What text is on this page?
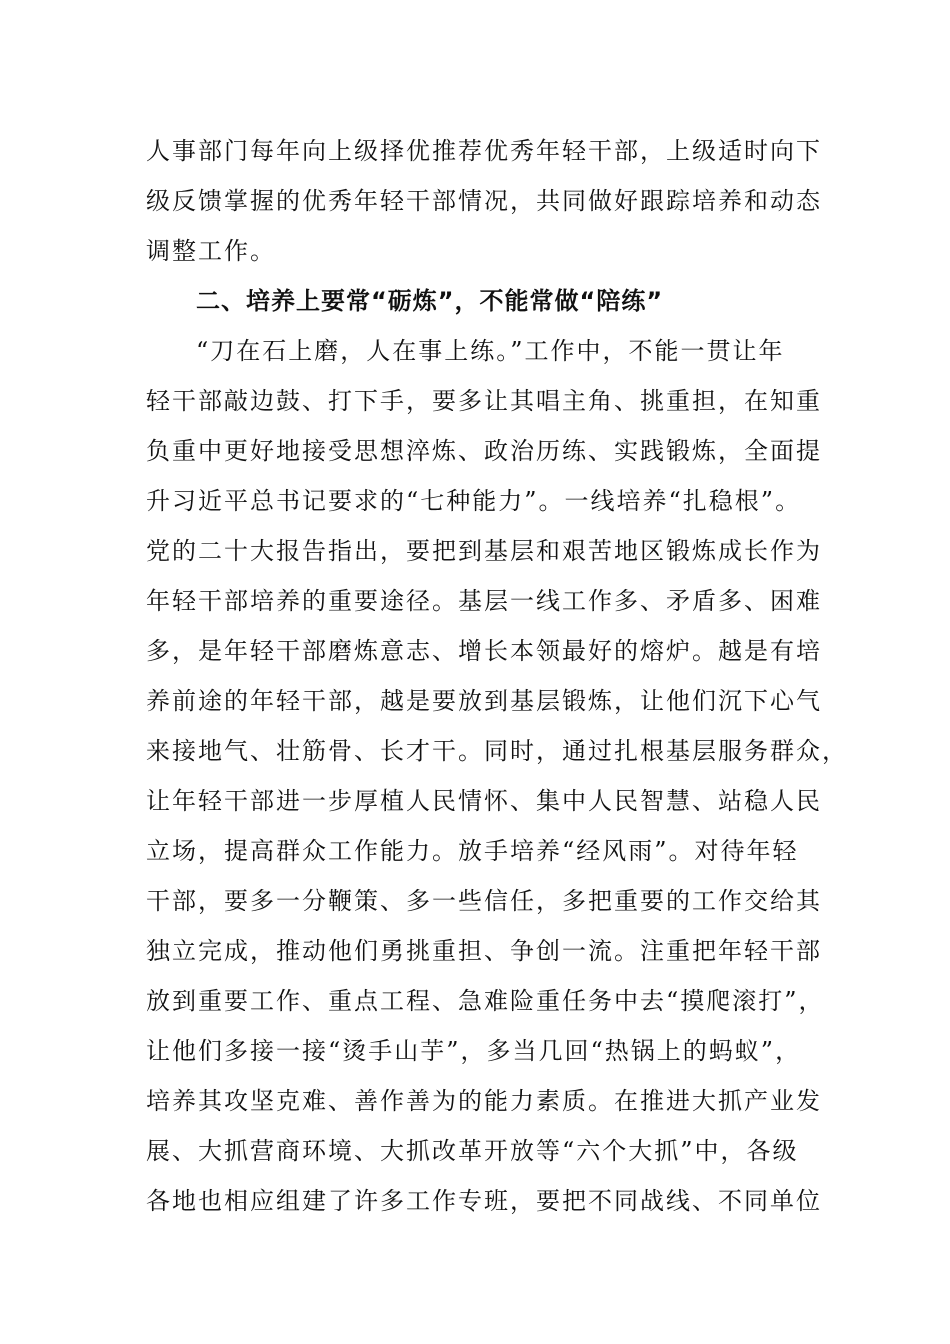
人事部门每年向上级择优推荐优秀年轻干部，上级适时向下
级反馈掌握的优秀年轻干部情况，共同做好跟踪培养和动态
调整工作。
二、培养上要常“砺炼”，不能常做“陪练”
“刀在石上磨，人在事上练。”工作中，不能一贯让年
轻干部敲边鼓、打下手，要多让其唱主角、挑重担，在知重
负重中更好地接受思想淬炼、政治历练、实践锻炼，全面提
升习近平总书记要求的“七种能力”。一线培养“扎稳根”。
党的二十大报告指出，要把到基层和艰苦地区锻炼成长作为
年轻干部培养的重要途径。基层一线工作多、矛盾多、困难
多，是年轻干部磨炼意志、增长本领最好的熔炉。越是有培
养前途的年轻干部，越是要放到基层锻炼，让他们沉下心气
来接地气、壮筋骨、长才干。同时，通过扎根基层服务群众，
让年轻干部进一步厚植人民情怀、集中人民智慧、站稳人民
立场，提高群众工作能力。放手培养“经风雨”。对待年轻
干部，要多一分鞭策、多一些信任，多把重要的工作交给其
独立完成，推动他们勇挑重担、争创一流。注重把年轻干部
放到重要工作、重点工程、急难险重任务中去“摸爬滚打”，
让他们多接一接“烫手山芋”，多当几回“热锅上的蚂蚁”，
培养其攻坚克难、善作善为的能力素质。在推进大抓产业发
展、大抓营商环境、大抓改革开放等“六个大抓”中，各级
各地也相应组建了许多工作专班，要把不同战线、不同单位
